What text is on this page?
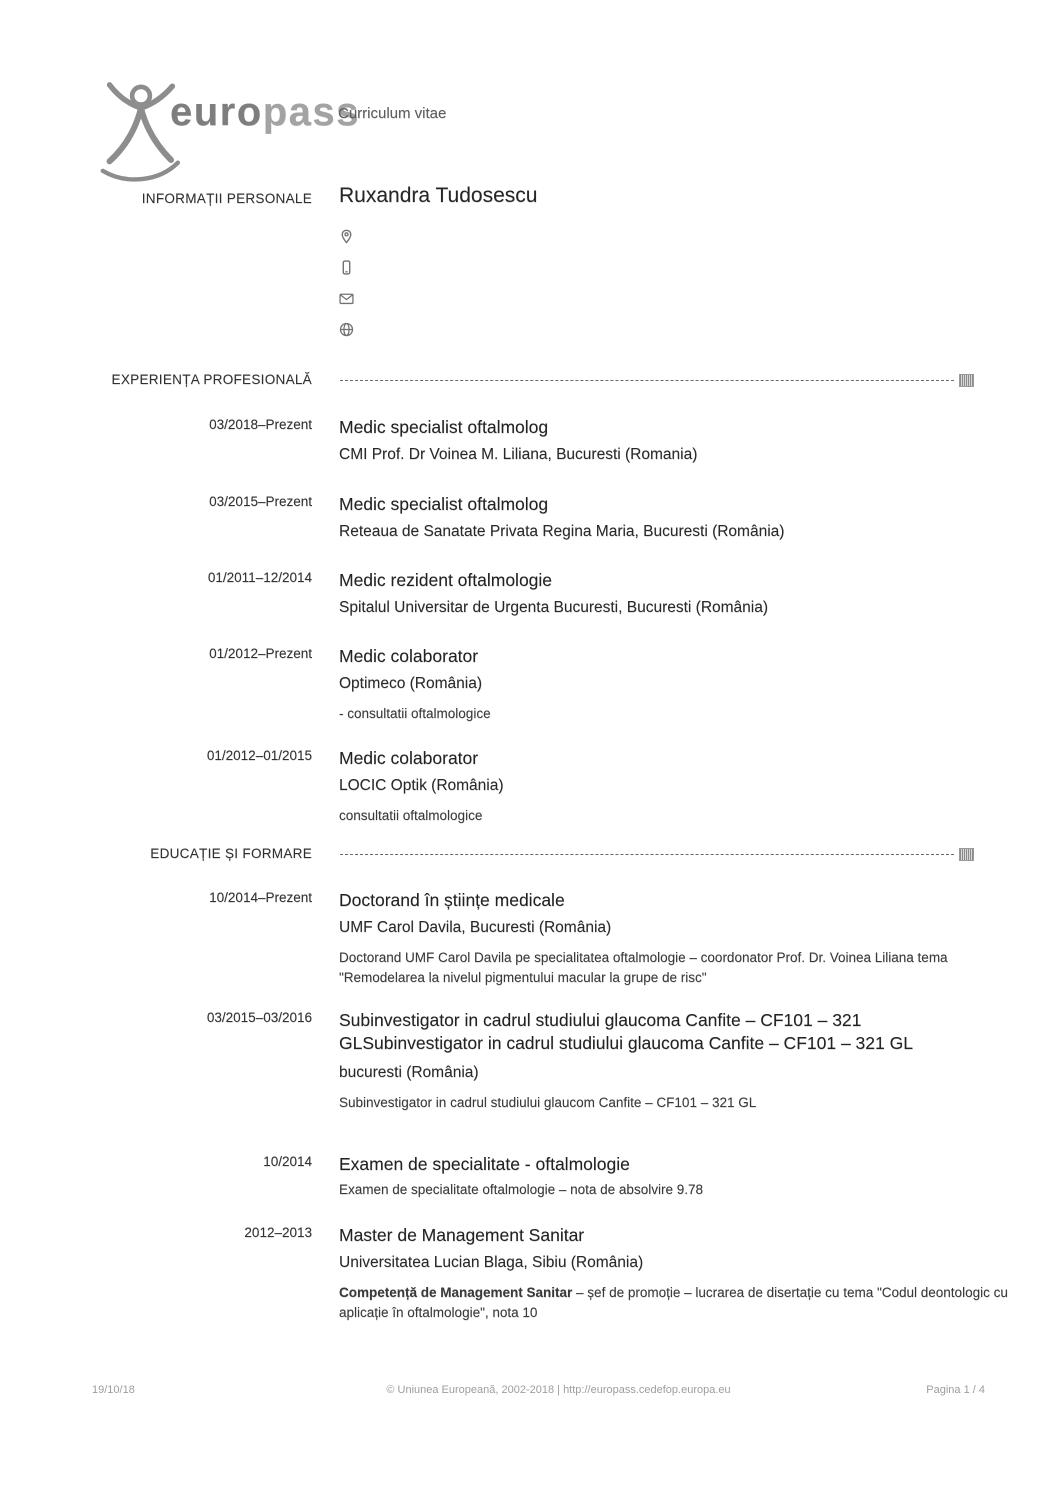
europass
Curriculum vitae
INFORMAȚII PERSONALE Ruxandra Tudosescu
EXPERIENȚA PROFESIONALĂ
03/2018–Prezent Medic specialist oftalmolog
CMI Prof. Dr Voinea M. Liliana, Bucuresti (Romania)
03/2015–Prezent Medic specialist oftalmolog
Reteaua de Sanatate Privata Regina Maria, Bucuresti (România)
01/2011–12/2014 Medic rezident oftalmologie
Spitalul Universitar de Urgenta Bucuresti, Bucuresti (România)
01/2012–Prezent Medic colaborator
Optimeco (România)
- consultatii oftalmologice
01/2012–01/2015 Medic colaborator
LOCIC Optik (România)
consultatii oftalmologice
EDUCAȚIE ȘI FORMARE
10/2014–Prezent Doctorand în științe medicale
UMF Carol Davila, Bucuresti (România)
Doctorand UMF Carol Davila pe specialitatea oftalmologie – coordonator Prof. Dr. Voinea Liliana tema "Remodelarea la nivelul pigmentului macular la grupe de risc"
03/2015–03/2016 Subinvestigator in cadrul studiului glaucoma Canfite – CF101 – 321 GLSubinvestigator in cadrul studiului glaucoma Canfite – CF101 – 321 GL
bucuresti (România)
Subinvestigator in cadrul studiului glaucom Canfite – CF101 – 321 GL
10/2014 Examen de specialitate - oftalmologie
Examen de specialitate oftalmologie – nota de absolvire 9.78
2012–2013 Master de Management Sanitar
Universitatea Lucian Blaga, Sibiu (România)
Competență de Management Sanitar – șef de promoție – lucrarea de disertație cu tema "Codul deontologic cu aplicație în oftalmologie", nota 10
19/10/18	© Uniunea Europeană, 2002-2018 | http://europass.cedefop.europa.eu	Pagina 1 / 4
